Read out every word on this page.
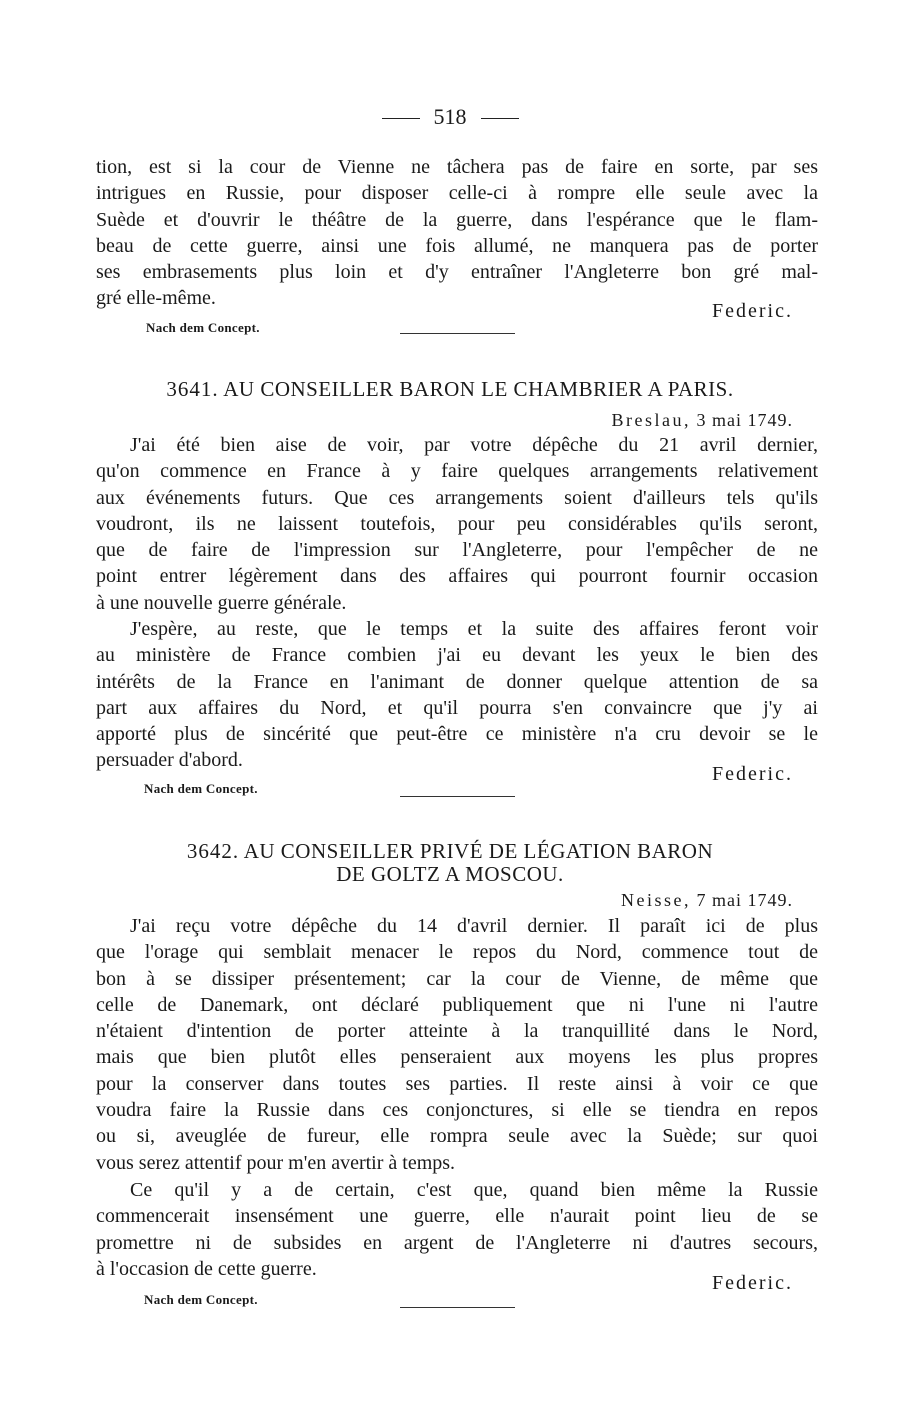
518
tion, est si la cour de Vienne ne tâchera pas de faire en sorte, par ses
intrigues en Russie, pour disposer celle-ci à rompre elle seule avec la
Suède et d'ouvrir le théâtre de la guerre, dans l'espérance que le flam-
beau de cette guerre, ainsi une fois allumé, ne manquera pas de porter
ses embrasements plus loin et d'y entraîner l'Angleterre bon gré mal-
gré elle-même.
Federic.
Nach dem Concept.
3641. AU CONSEILLER BARON LE CHAMBRIER A PARIS.
Breslau, 3 mai 1749.
J'ai été bien aise de voir, par votre dépêche du 21 avril dernier,
qu'on commence en France à y faire quelques arrangements relativement
aux événements futurs. Que ces arrangements soient d'ailleurs tels qu'ils
voudront, ils ne laissent toutefois, pour peu considérables qu'ils seront,
que de faire de l'impression sur l'Angleterre, pour l'empêcher de ne
point entrer légèrement dans des affaires qui pourront fournir occasion
à une nouvelle guerre générale.
J'espère, au reste, que le temps et la suite des affaires feront voir
au ministère de France combien j'ai eu devant les yeux le bien des
intérêts de la France en l'animant de donner quelque attention de sa
part aux affaires du Nord, et qu'il pourra s'en convaincre que j'y ai
apporté plus de sincérité que peut-être ce ministère n'a cru devoir se le
persuader d'abord.
Federic.
Nach dem Concept.
3642. AU CONSEILLER PRIVÉ DE LÉGATION BARON
DE GOLTZ A MOSCOU.
Neisse, 7 mai 1749.
J'ai reçu votre dépêche du 14 d'avril dernier. Il paraît ici de plus
que l'orage qui semblait menacer le repos du Nord, commence tout de
bon à se dissiper présentement; car la cour de Vienne, de même que
celle de Danemark, ont déclaré publiquement que ni l'une ni l'autre
n'étaient d'intention de porter atteinte à la tranquillité dans le Nord,
mais que bien plutôt elles penseraient aux moyens les plus propres
pour la conserver dans toutes ses parties. Il reste ainsi à voir ce que
voudra faire la Russie dans ces conjonctures, si elle se tiendra en repos
ou si, aveuglée de fureur, elle rompra seule avec la Suède; sur quoi
vous serez attentif pour m'en avertir à temps.
Ce qu'il y a de certain, c'est que, quand bien même la Russie
commencerait insensément une guerre, elle n'aurait point lieu de se
promettre ni de subsides en argent de l'Angleterre ni d'autres secours,
à l'occasion de cette guerre.
Federic.
Nach dem Concept.
